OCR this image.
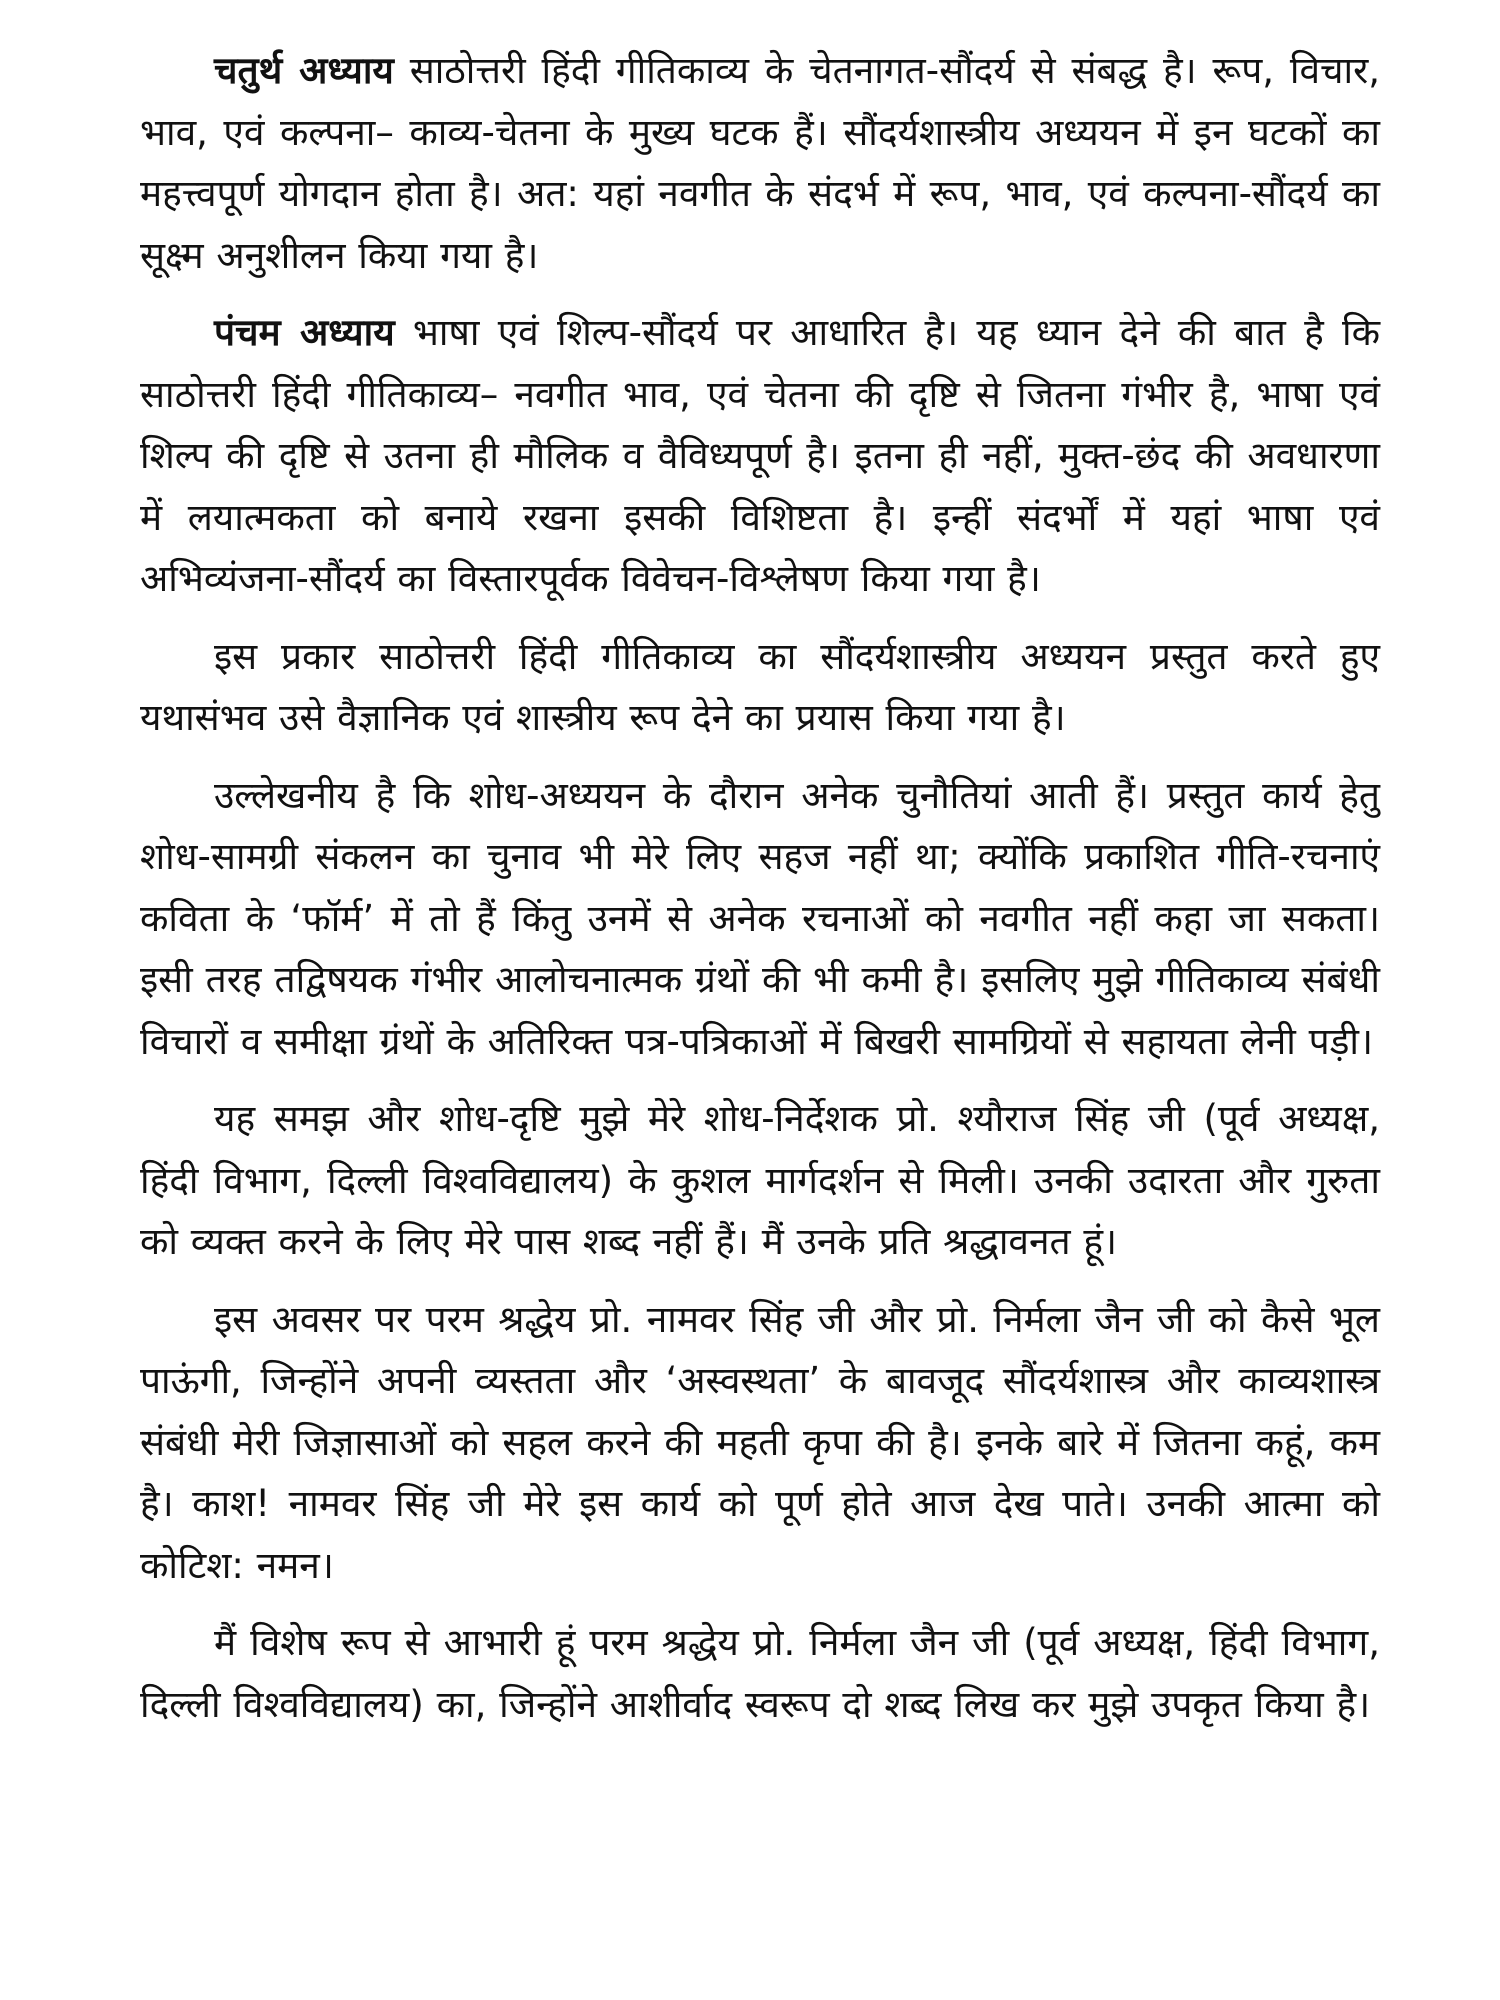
चतुर्थ अध्याय साठोत्तरी हिंदी गीतिकाव्य के चेतनागत-सौंदर्य से संबद्ध है। रूप, विचार, भाव, एवं कल्पना– काव्य-चेतना के मुख्य घटक हैं। सौंदर्यशास्त्रीय अध्ययन में इन घटकों का महत्त्वपूर्ण योगदान होता है। अत: यहां नवगीत के संदर्भ में रूप, भाव, एवं कल्पना-सौंदर्य का सूक्ष्म अनुशीलन किया गया है।

पंचम अध्याय भाषा एवं शिल्प-सौंदर्य पर आधारित है। यह ध्यान देने की बात है कि साठोत्तरी हिंदी गीतिकाव्य– नवगीत भाव, एवं चेतना की दृष्टि से जितना गंभीर है, भाषा एवं शिल्प की दृष्टि से उतना ही मौलिक व वैविध्यपूर्ण है। इतना ही नहीं, मुक्त-छंद की अवधारणा में लयात्मकता को बनाये रखना इसकी विशिष्टता है। इन्हीं संदर्भों में यहां भाषा एवं अभिव्यंजना-सौंदर्य का विस्तारपूर्वक विवेचन-विश्लेषण किया गया है।

इस प्रकार साठोत्तरी हिंदी गीतिकाव्य का सौंदर्यशास्त्रीय अध्ययन प्रस्तुत करते हुए यथासंभव उसे वैज्ञानिक एवं शास्त्रीय रूप देने का प्रयास किया गया है।

उल्लेखनीय है कि शोध-अध्ययन के दौरान अनेक चुनौतियां आती हैं। प्रस्तुत कार्य हेतु शोध-सामग्री संकलन का चुनाव भी मेरे लिए सहज नहीं था; क्योंकि प्रकाशित गीति-रचनाएं कविता के ‘फॉर्म’ में तो हैं किंतु उनमें से अनेक रचनाओं को नवगीत नहीं कहा जा सकता। इसी तरह तद्विषयक गंभीर आलोचनात्मक ग्रंथों की भी कमी है। इसलिए मुझे गीतिकाव्य संबंधी विचारों व समीक्षा ग्रंथों के अतिरिक्त पत्र-पत्रिकाओं में बिखरी सामग्रियों से सहायता लेनी पड़ी।

यह समझ और शोध-दृष्टि मुझे मेरे शोध-निर्देशक प्रो. श्यौराज सिंह जी (पूर्व अध्यक्ष, हिंदी विभाग, दिल्ली विश्वविद्यालय) के कुशल मार्गदर्शन से मिली। उनकी उदारता और गुरुता को व्यक्त करने के लिए मेरे पास शब्द नहीं हैं। मैं उनके प्रति श्रद्धावनत हूं।

इस अवसर पर परम श्रद्धेय प्रो. नामवर सिंह जी और प्रो. निर्मला जैन जी को कैसे भूल पाऊंगी, जिन्होंने अपनी व्यस्तता और ‘अस्वस्थता’ के बावजूद सौंदर्यशास्त्र और काव्यशास्त्र संबंधी मेरी जिज्ञासाओं को सहल करने की महती कृपा की है। इनके बारे में जितना कहूं, कम है। काश! नामवर सिंह जी मेरे इस कार्य को पूर्ण होते आज देख पाते। उनकी आत्मा को कोटिश: नमन।

मैं विशेष रूप से आभारी हूं परम श्रद्धेय प्रो. निर्मला जैन जी (पूर्व अध्यक्ष, हिंदी विभाग, दिल्ली विश्वविद्यालय) का, जिन्होंने आशीर्वाद स्वरूप दो शब्द लिख कर मुझे उपकृत किया है।
